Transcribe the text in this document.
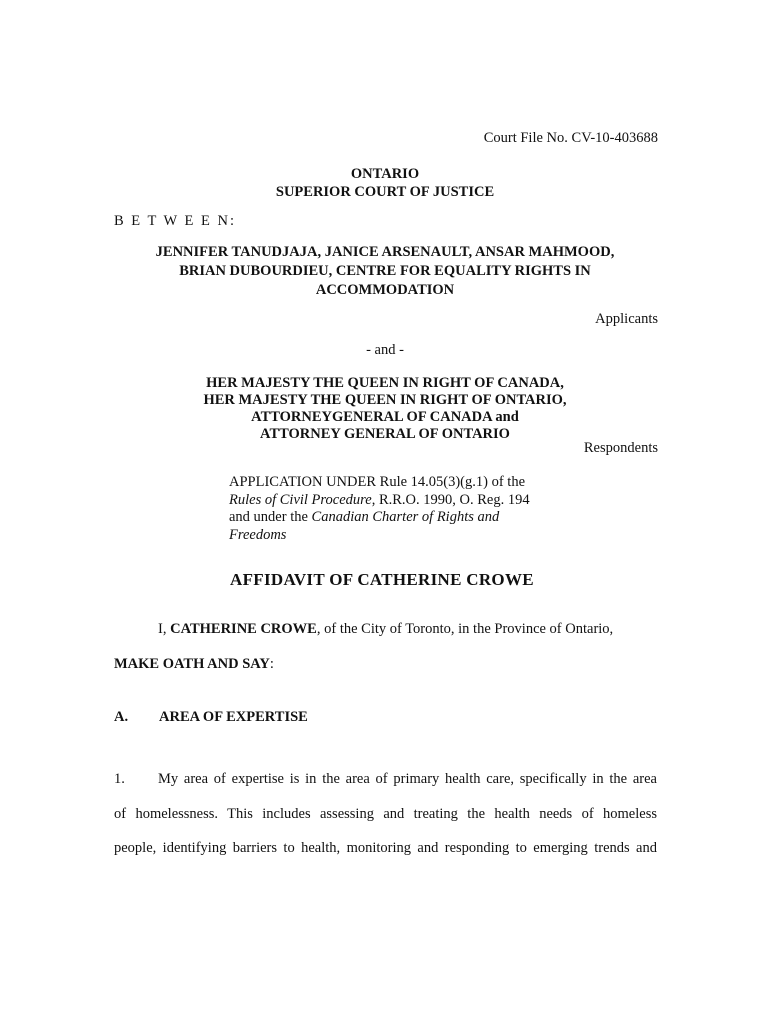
Court File No. CV-10-403688
ONTARIO
SUPERIOR COURT OF JUSTICE
B E T W E E N:
JENNIFER TANUDJAJA, JANICE ARSENAULT, ANSAR MAHMOOD,
BRIAN DUBOURDIEU, CENTRE FOR EQUALITY RIGHTS IN
ACCOMMODATION
Applicants
- and -
HER MAJESTY THE QUEEN IN RIGHT OF CANADA,
HER MAJESTY THE QUEEN IN RIGHT OF ONTARIO,
ATTORNEYGENERAL OF CANADA and
ATTORNEY GENERAL OF ONTARIO
Respondents
APPLICATION UNDER Rule 14.05(3)(g.1) of the
Rules of Civil Procedure, R.R.O. 1990, O. Reg. 194
and under the Canadian Charter of Rights and
Freedoms
AFFIDAVIT OF CATHERINE CROWE
I, CATHERINE CROWE, of the City of Toronto, in the Province of Ontario,
MAKE OATH AND SAY:
A. AREA OF EXPERTISE
1. My area of expertise is in the area of primary health care, specifically in the area
of homelessness. This includes assessing and treating the health needs of homeless
people, identifying barriers to health, monitoring and responding to emerging trends and
